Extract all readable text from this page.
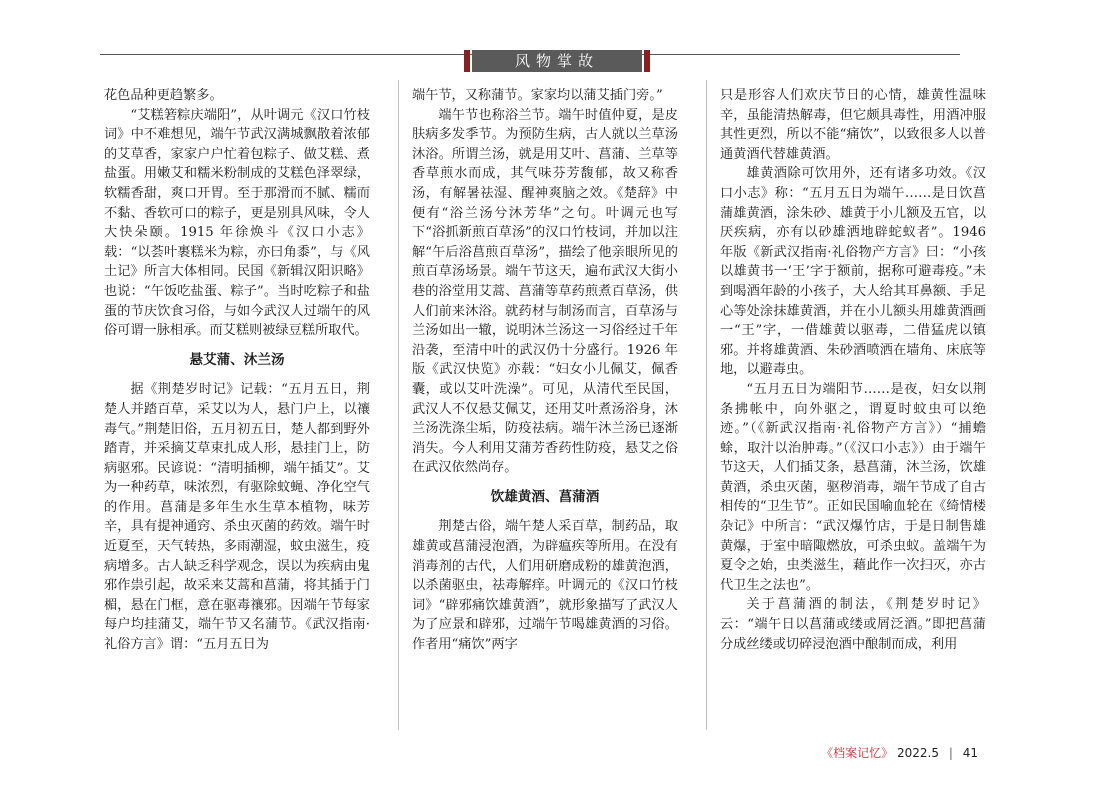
风物掌故

花色品种更趋繁多。

“艾糕箬粽庆端阳”，从叶调元《汉口竹枝词》中不难想见，端午节武汉满城飘散着浓郁的艾草香，家家户户忙着包粽子、做艾糕、煮盐蛋。用嫩艾和糯米粉制成的艾糕色泽翠绿，软糯香甜，爽口开胃。至于那滑而不腻、糯而不黏、香软可口的粽子，更是别具风味，令人大快朵颐。1915 年徐焕斗《汉口小志》载：“以荟叶裹糕米为粽，亦曰角黍”，与《风土记》所言大体相同。民国《新辑汉阳识略》也说：“午饭吃盐蛋、粽子”。当时吃粽子和盐蛋的节庆饮食习俗，与如今武汉人过端午的风俗可谓一脉相承。而艾糕则被绿豆糕所取代。

悬艾蒲、沐兰汤

据《荆楚岁时记》记载：“五月五日，荆楚人并踏百草，采艾以为人，悬门户上，以禳毒气。”荆楚旧俗，五月初五日，楚人都到野外踏青，并采摘艾草束扎成人形，悬挂门上，防病驱邪。民谚说：“清明插柳，端午插艾”。艾为一种药草，味浓烈，有驱除蚊蝇、净化空气的作用。菖蒲是多年生水生草本植物，味芳辛，具有提神通窍、杀虫灭菌的药效。端午时近夏至，天气转热，多雨潮湿，蚊虫滋生，疫病增多。古人缺乏科学观念，误以为疾病由鬼邪作祟引起，故采来艾蒿和菖蒲，将其插于门楣，悬在门框，意在驱毒禳邪。因端午节每家每户均挂蒲艾，端午节又名蒲节。《武汉指南·礼俗方言》谓：“五月五日为

端午节，又称蒲节。家家均以蒲艾插门旁。”

端午节也称浴兰节。端午时值仲夏，是皮肤病多发季节。为预防生病，古人就以兰草汤沐浴。所谓兰汤，就是用艾叶、菖蒲、兰草等香草煎水而成，其气味芬芳馥郁，故又称香汤，有解暑祛湿、醒神爽脑之效。《楚辞》中便有“浴兰汤兮沐芳华”之句。叶调元也写下“浴抓新煎百草汤”的汉口竹枝词，并加以注解“午后浴菖煎百草汤”，描绘了他亲眼所见的煎百草汤场景。端午节这天，遍布武汉大街小巷的浴堂用艾蒿、菖蒲等草药煎煮百草汤，供人们前来沐浴。就药材与制汤而言，百草汤与兰汤如出一辙，说明沐兰汤这一习俗经过千年沿袭，至清中叶的武汉仍十分盛行。1926 年版《武汉快览》亦载：“妇女小儿佩艾，佩香囊，或以艾叶洗澡”。可见，从清代至民国，武汉人不仅悬艾佩艾，还用艾叶煮汤浴身，沐兰汤洗涤尘垢，防疫祛病。端午沐兰汤已逐渐消失。今人利用艾蒲芳香药性防疫，悬艾之俗在武汉依然尚存。

饮雄黄酒、菖蒲酒

荆楚古俗，端午楚人采百草，制药品，取雄黄或菖蒲浸泡酒，为辟瘟疾等所用。在没有消毒剂的古代，人们用研磨成粉的雄黄泡酒，以杀菌驱虫，祛毒解痒。叶调元的《汉口竹枝词》“辟邪痛饮雄黄酒”，就形象描写了武汉人为了应景和辟邪，过端午节喝雄黄酒的习俗。作者用“痛饮”两字

只是形容人们欢庆节日的心情，雄黄性温味辛，虽能清热解毒，但它颇具毒性，用酒冲服其性更烈，所以不能“痛饮”，以致很多人以普通黄酒代替雄黄酒。

雄黄酒除可饮用外，还有诸多功效。《汉口小志》称：“五月五日为端午……是日饮菖蒲雄黄酒，涂朱砂、雄黄于小儿额及五官，以厌疾病，亦有以砂雄洒地辟蛇蚁者”。1946 年版《新武汉指南·礼俗物产方言》曰：“小孩以雄黄书一‘王’字于额前，据称可避毒疫。”未到喝酒年龄的小孩子，大人给其耳鼻额、手足心等处涂抹雄黄酒，并在小儿额头用雄黄酒画一“王”字，一借雄黄以驱毒，二借猛虎以镇邪。并将雄黄酒、朱砂酒喷洒在墙角、床底等地，以避毒虫。

“五月五日为端阳节……是夜，妇女以荆条拂帐中，向外驱之，谓夏时蚊虫可以绝迹。”（《新武汉指南·礼俗物产方言》）“捕蟾蜍，取汁以治肿毒。”（《汉口小志》）由于端午节这天，人们插艾条，悬菖蒲，沐兰汤，饮雄黄酒，杀虫灭菌，驱秽消毒，端午节成了自古相传的“卫生节”。正如民国喻血轮在《绮情楼杂记》中所言：“武汉爆竹店，于是日制售雄黄爆，于室中暗陬燃放，可杀虫蚁。盖端午为夏令之始，虫类滋生，藉此作一次扫灭，亦古代卫生之法也”。

关于菖蒲酒的制法，《荆楚岁时记》云：“端午日以菖蒲或缕或屑泛酒。”即把菖蒲分成丝缕或切碎浸泡酒中酿制而成，利用

《档案记忆》 2022.5 | 41
